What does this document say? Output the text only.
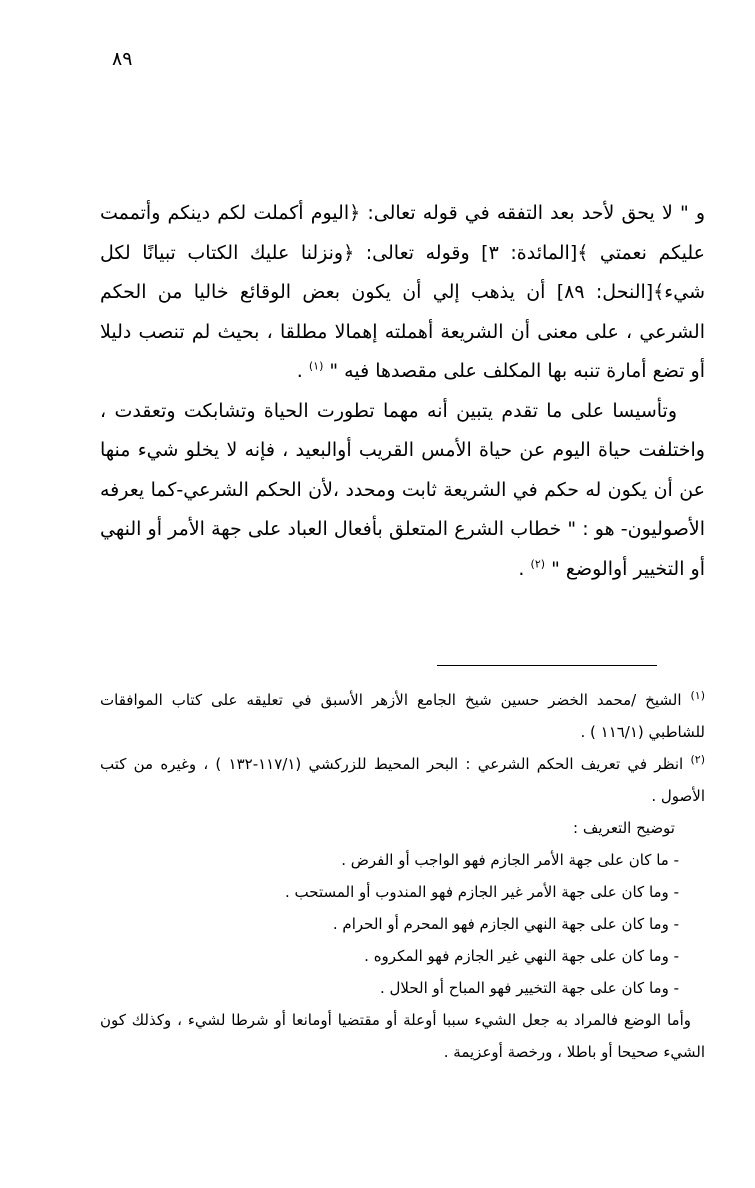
٨٩

و " لا يحق لأحد بعد التفقه في قوله تعالى: ﴿اليوم أكملت لكم دينكم وأتممت عليكم نعمتي ﴾[المائدة: ٣] وقوله تعالى: ﴿ونزلنا عليك الكتاب تبيانًا لكل شيء﴾[النحل: ٨٩] أن يذهب إلي أن يكون بعض الوقائع خاليا من الحكم الشرعي ، على معنى أن الشريعة أهملته إهمالا مطلقا ، بحيث لم تنصب دليلا أو تضع أمارة تنبه بها المكلف على مقصدها فيه " $^{(١)}$ .

وتأسيسا على ما تقدم يتبين أنه مهما تطورت الحياة وتشابكت وتعقدت ، واختلفت حياة اليوم عن حياة الأمس القريب أوالبعيد ، فإنه لا يخلو شيء منها عن أن يكون له حكم في الشريعة ثابت ومحدد ،لأن الحكم الشرعي-كما يعرفه الأصوليون- هو : " خطاب الشرع المتعلق بأفعال العباد على جهة الأمر أو النهي أو التخيير أوالوضع " $^{(٢)}$ .

$^{(١)}$ الشيخ /محمد الخضر حسين شيخ الجامع الأزهر الأسبق في تعليقه على كتاب الموافقات للشاطبي (١١٦/١ ) .

$^{(٢)}$ انظر في تعريف الحكم الشرعي : البحر المحيط للزركشي (١١٧/١-١٣٢ ) ، وغيره من كتب الأصول .

توضيح التعريف :

- ما كان على جهة الأمر الجازم فهو الواجب أو الفرض .

- وما كان على جهة الأمر غير الجازم فهو المندوب أو المستحب .

- وما كان على جهة النهي الجازم فهو المحرم أو الحرام .

- وما كان على جهة النهي غير الجازم فهو المكروه .

- وما كان على جهة التخيير فهو المباح أو الحلال .

وأما الوضع فالمراد به جعل الشيء سببا أوعلة أو مقتضيا أومانعا أو شرطا لشيء ، وكذلك كون الشيء صحيحا أو باطلا ، ورخصة أوعزيمة .
